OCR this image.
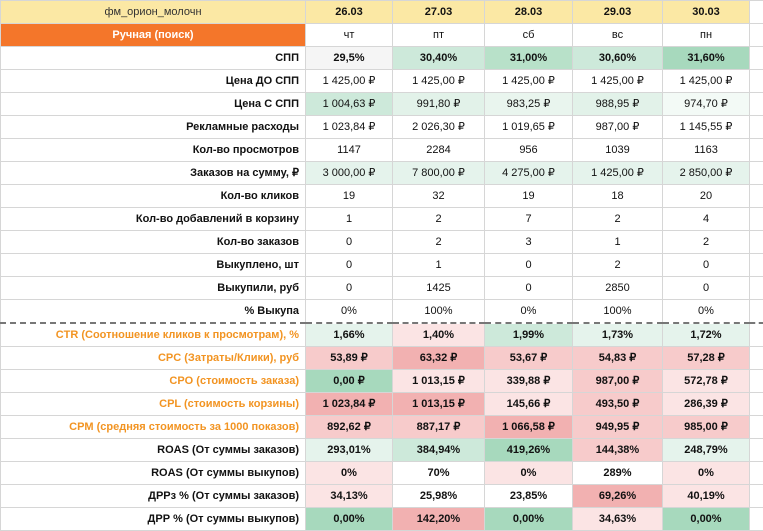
фм_орион_молочн	26.03	27.03	28.03	29.03	30.03	
Ручная (поиск)	чт	пт	сб	вс	пн	
СПП	29,5%	30,40%	31,00%	30,60%	31,60%	
Цена ДО СПП	1 425,00 ₽	1 425,00 ₽	1 425,00 ₽	1 425,00 ₽	1 425,00 ₽	
Цена С СПП	1 004,63 ₽	991,80 ₽	983,25 ₽	988,95 ₽	974,70 ₽	
Рекламные расходы	1 023,84 ₽	2 026,30 ₽	1 019,65 ₽	987,00 ₽	1 145,55 ₽	
Кол-во просмотров	1147	2284	956	1039	1163	
Заказов на сумму, ₽	3 000,00 ₽	7 800,00 ₽	4 275,00 ₽	1 425,00 ₽	2 850,00 ₽	
Кол-во кликов	19	32	19	18	20	
Кол-во добавлений в корзину	1	2	7	2	4	
Кол-во заказов	0	2	3	1	2	
Выкуплено, шт	0	1	0	2	0	
Выкупили, руб	0	1425	0	2850	0	
% Выкупа	0%	100%	0%	100%	0%	
CTR (Соотношение кликов к просмотрам), %	1,66%	1,40%	1,99%	1,73%	1,72%	
CPC (Затраты/Клики), руб	53,89 ₽	63,32 ₽	53,67 ₽	54,83 ₽	57,28 ₽	
CPO (стоимость заказа)	0,00 ₽	1 013,15 ₽	339,88 ₽	987,00 ₽	572,78 ₽	
CPL (стоимость корзины)	1 023,84 ₽	1 013,15 ₽	145,66 ₽	493,50 ₽	286,39 ₽	
CPM (средняя стоимость за 1000 показов)	892,62 ₽	887,17 ₽	1 066,58 ₽	949,95 ₽	985,00 ₽	
ROAS (От суммы заказов)	293,01%	384,94%	419,26%	144,38%	248,79%	
ROAS (От суммы выкупов)	0%	70%	0%	289%	0%	
ДРРз % (От суммы заказов)	34,13%	25,98%	23,85%	69,26%	40,19%	
ДРР % (От суммы выкупов)	0,00%	142,20%	0,00%	34,63%	0,00%	
